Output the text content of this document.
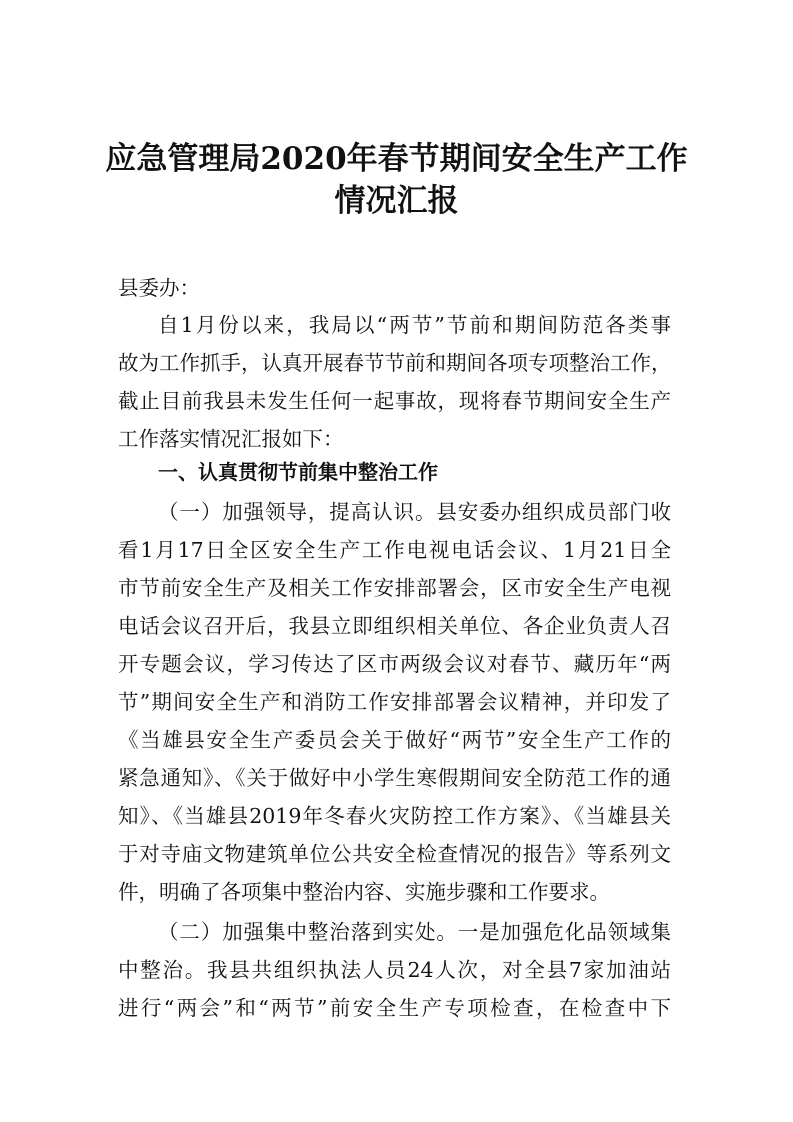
应急管理局2020年春节期间安全生产工作
情况汇报

县委办：

自1月份以来，我局以“两节”节前和期间防范各类事

故为工作抓手，认真开展春节节前和期间各项专项整治工作，

截止目前我县未发生任何一起事故，现将春节期间安全生产

工作落实情况汇报如下：

一、认真贯彻节前集中整治工作

（一）加强领导，提高认识。县安委办组织成员部门收

看1月17日全区安全生产工作电视电话会议、1月21日全

市节前安全生产及相关工作安排部署会，区市安全生产电视

电话会议召开后，我县立即组织相关单位、各企业负责人召

开专题会议，学习传达了区市两级会议对春节、藏历年“两

节”期间安全生产和消防工作安排部署会议精神，并印发了

《当雄县安全生产委员会关于做好“两节”安全生产工作的

紧急通知》、《关于做好中小学生寒假期间安全防范工作的通

知》、《当雄县2019年冬春火灾防控工作方案》、《当雄县关

于对寺庙文物建筑单位公共安全检查情况的报告》等系列文

件，明确了各项集中整治内容、实施步骤和工作要求。

（二）加强集中整治落到实处。一是加强危化品领域集

中整治。我县共组织执法人员24人次，对全县7家加油站

进行“两会”和“两节”前安全生产专项检查，在检查中下
